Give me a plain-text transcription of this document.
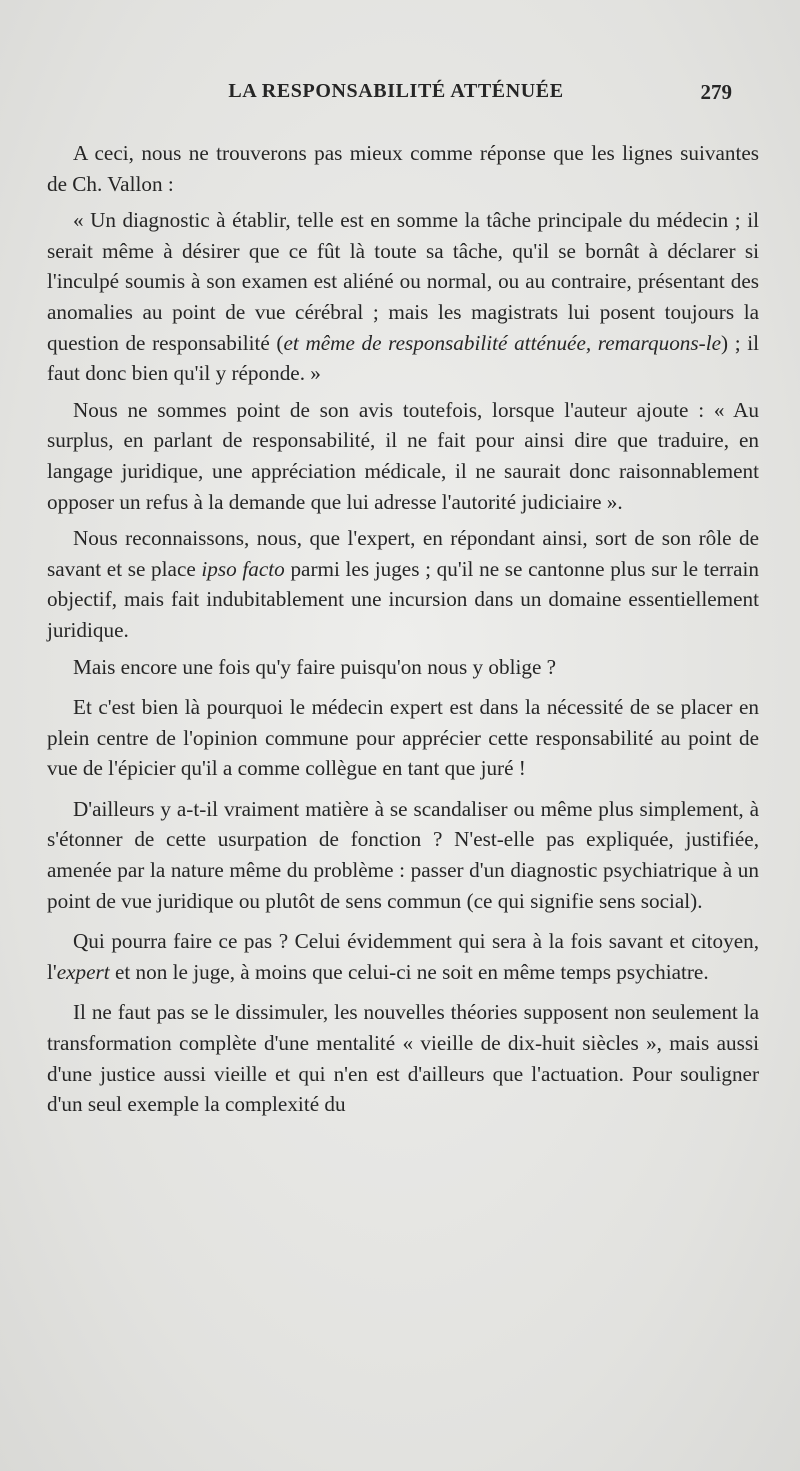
LA RESPONSABILITÉ ATTÉNUÉE	279

A ceci, nous ne trouverons pas mieux comme réponse que les lignes suivantes de Ch. Vallon :

« Un diagnostic à établir, telle est en somme la tâche principale du médecin ; il serait même à désirer que ce fût là toute sa tâche, qu'il se bornât à déclarer si l'inculpé soumis à son examen est aliéné ou normal, ou au contraire, présentant des anomalies au point de vue cérébral ; mais les magistrats lui posent toujours la question de responsabilité (et même de responsabilité atténuée, remarquons-le) ; il faut donc bien qu'il y réponde. »

Nous ne sommes point de son avis toutefois, lorsque l'auteur ajoute : « Au surplus, en parlant de responsabilité, il ne fait pour ainsi dire que traduire, en langage juridique, une appréciation médicale, il ne saurait donc raisonnablement opposer un refus à la demande que lui adresse l'autorité judiciaire ».

Nous reconnaissons, nous, que l'expert, en répondant ainsi, sort de son rôle de savant et se place ipso facto parmi les juges ; qu'il ne se cantonne plus sur le terrain objectif, mais fait indubitablement une incursion dans un domaine essentiellement juridique.

Mais encore une fois qu'y faire puisqu'on nous y oblige ?

Et c'est bien là pourquoi le médecin expert est dans la nécessité de se placer en plein centre de l'opinion commune pour apprécier cette responsabilité au point de vue de l'épicier qu'il a comme collègue en tant que juré !

D'ailleurs y a-t-il vraiment matière à se scandaliser ou même plus simplement, à s'étonner de cette usurpation de fonction ? N'est-elle pas expliquée, justifiée, amenée par la nature même du problème : passer d'un diagnostic psychiatrique à un point de vue juridique ou plutôt de sens commun (ce qui signifie sens social).

Qui pourra faire ce pas ? Celui évidemment qui sera à la fois savant et citoyen, l'expert et non le juge, à moins que celui-ci ne soit en même temps psychiatre.

Il ne faut pas se le dissimuler, les nouvelles théories supposent non seulement la transformation complète d'une mentalité « vieille de dix-huit siècles », mais aussi d'une justice aussi vieille et qui n'en est d'ailleurs que l'actuation. Pour souligner d'un seul exemple la complexité du
